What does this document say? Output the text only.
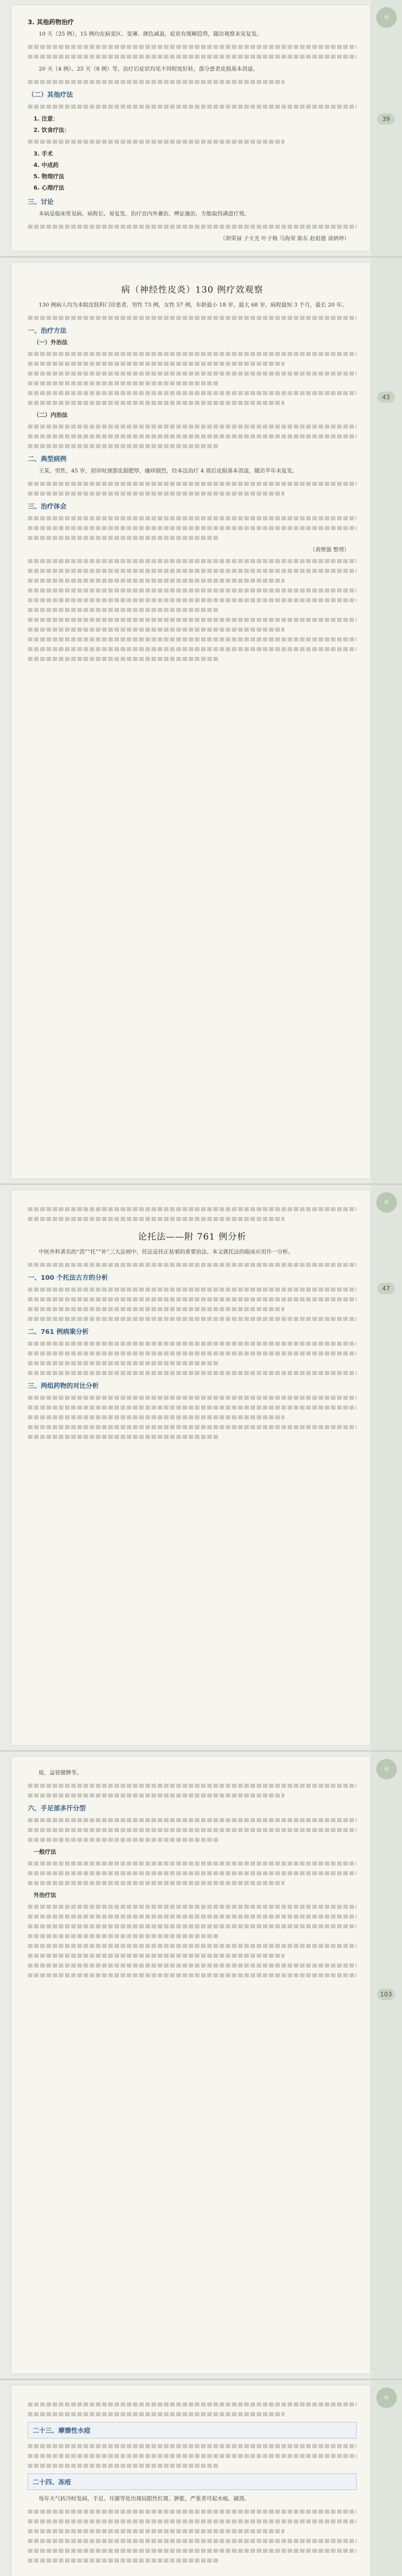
3. 其他药物治疗

10 天（25 例），15 例均在病变区、变薄、颜色减退，症状有缓解趋势，随访观察未见复发。

20 天（4 例）、25 天（8 例）等，治疗后症状均见不同程度好转，部分患者皮损基本消退。

（二）其他疗法
1. 注意：
2. 饮食疗法：
3. 手术
4. 中成药
5. 物理疗法
6. 心理疗法
三、讨论

本病是临床常见病，病程长，易复发，治疗宜内外兼治，辨证施治，方能取得满意疗效。

（胡荣禄 子天光 叶子梅 马海荣 陈东 赵祖德 谈炳坤）
◎
39
病（神经性皮炎）130 例疗效观察

130 例病人均为本院皮肤科门诊患者，男性 73 例，女性 57 例，年龄最小 18 岁，最大 68 岁，病程最短 3 个月，最长 20 年。

一、治疗方法
（一）外治法
（二）内治法
二、典型病例

王某，男性，45 岁，初诊时颈部皮损肥厚，瘙痒剧烈，经本法治疗 4 周后皮损基本消退，随访半年未复发。

三、治疗体会
（黄维强 整理）
43
论托法——附 761 例分析

中医外科著名的“消”“托”“补”三大法则中，托法是扶正祛邪的重要治法，本文就托法的临床应用作一分析。

一、100 个托法古方的分析
二、761 例病案分析
三、两组药物的对比分析
◎
47

疮，益胃健脾等。

六、手足部多汗分型
一般疗法
外治疗法
◎
103
二十三、摩擦性水痘
二十四、冻疮

每年天气转冷时发病，手足、耳廓等处出现局限性红斑、肿胀，严重者可起水疱、破溃。

◎
